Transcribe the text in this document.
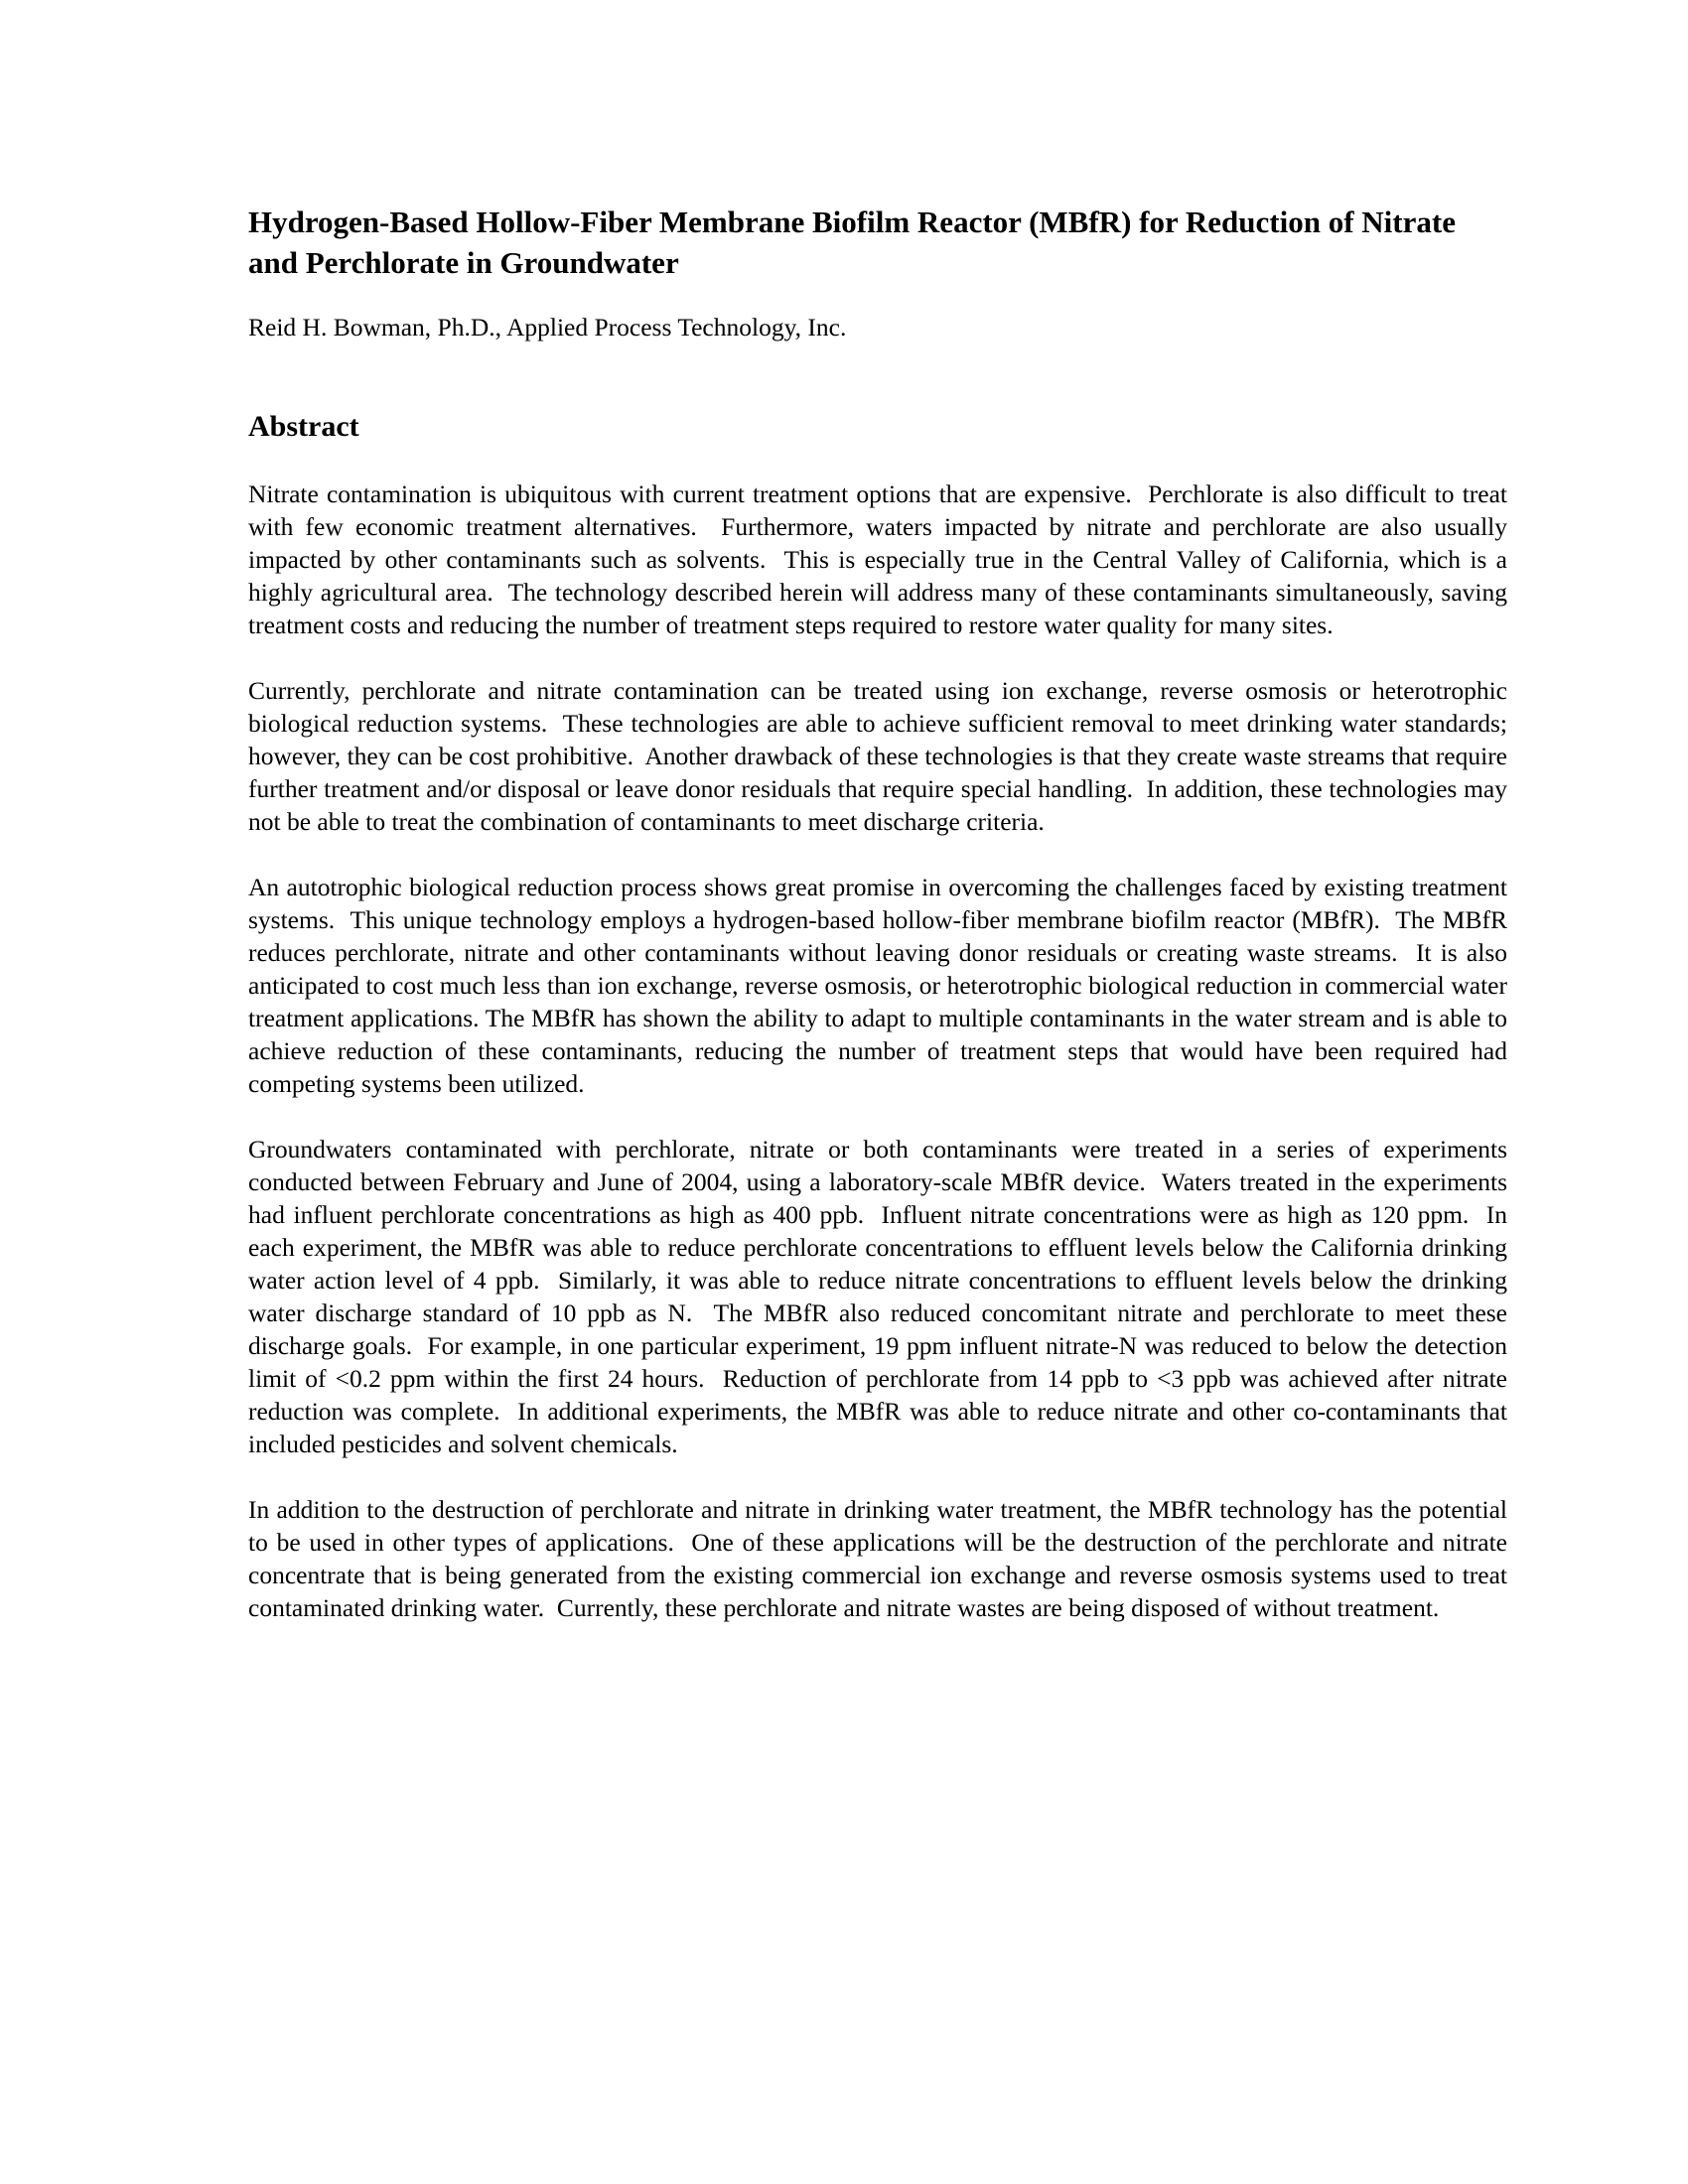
Hydrogen-Based Hollow-Fiber Membrane Biofilm Reactor (MBfR) for Reduction of Nitrate and Perchlorate in Groundwater

Reid H. Bowman, Ph.D., Applied Process Technology, Inc.

Abstract

Nitrate contamination is ubiquitous with current treatment options that are expensive.  Perchlorate is also difficult to treat with few economic treatment alternatives.  Furthermore, waters impacted by nitrate and perchlorate are also usually impacted by other contaminants such as solvents.  This is especially true in the Central Valley of California, which is a highly agricultural area.  The technology described herein will address many of these contaminants simultaneously, saving treatment costs and reducing the number of treatment steps required to restore water quality for many sites.

Currently, perchlorate and nitrate contamination can be treated using ion exchange, reverse osmosis or heterotrophic biological reduction systems.  These technologies are able to achieve sufficient removal to meet drinking water standards; however, they can be cost prohibitive.  Another drawback of these technologies is that they create waste streams that require further treatment and/or disposal or leave donor residuals that require special handling.  In addition, these technologies may not be able to treat the combination of contaminants to meet discharge criteria.

An autotrophic biological reduction process shows great promise in overcoming the challenges faced by existing treatment systems.  This unique technology employs a hydrogen-based hollow-fiber membrane biofilm reactor (MBfR).  The MBfR reduces perchlorate, nitrate and other contaminants without leaving donor residuals or creating waste streams.  It is also anticipated to cost much less than ion exchange, reverse osmosis, or heterotrophic biological reduction in commercial water treatment applications. The MBfR has shown the ability to adapt to multiple contaminants in the water stream and is able to achieve reduction of these contaminants, reducing the number of treatment steps that would have been required had competing systems been utilized.

Groundwaters contaminated with perchlorate, nitrate or both contaminants were treated in a series of experiments conducted between February and June of 2004, using a laboratory-scale MBfR device.  Waters treated in the experiments had influent perchlorate concentrations as high as 400 ppb.  Influent nitrate concentrations were as high as 120 ppm.  In each experiment, the MBfR was able to reduce perchlorate concentrations to effluent levels below the California drinking water action level of 4 ppb.  Similarly, it was able to reduce nitrate concentrations to effluent levels below the drinking water discharge standard of 10 ppb as N.  The MBfR also reduced concomitant nitrate and perchlorate to meet these discharge goals.  For example, in one particular experiment, 19 ppm influent nitrate-N was reduced to below the detection limit of <0.2 ppm within the first 24 hours.  Reduction of perchlorate from 14 ppb to <3 ppb was achieved after nitrate reduction was complete.  In additional experiments, the MBfR was able to reduce nitrate and other co-contaminants that included pesticides and solvent chemicals.

In addition to the destruction of perchlorate and nitrate in drinking water treatment, the MBfR technology has the potential to be used in other types of applications.  One of these applications will be the destruction of the perchlorate and nitrate concentrate that is being generated from the existing commercial ion exchange and reverse osmosis systems used to treat contaminated drinking water.  Currently, these perchlorate and nitrate wastes are being disposed of without treatment.
